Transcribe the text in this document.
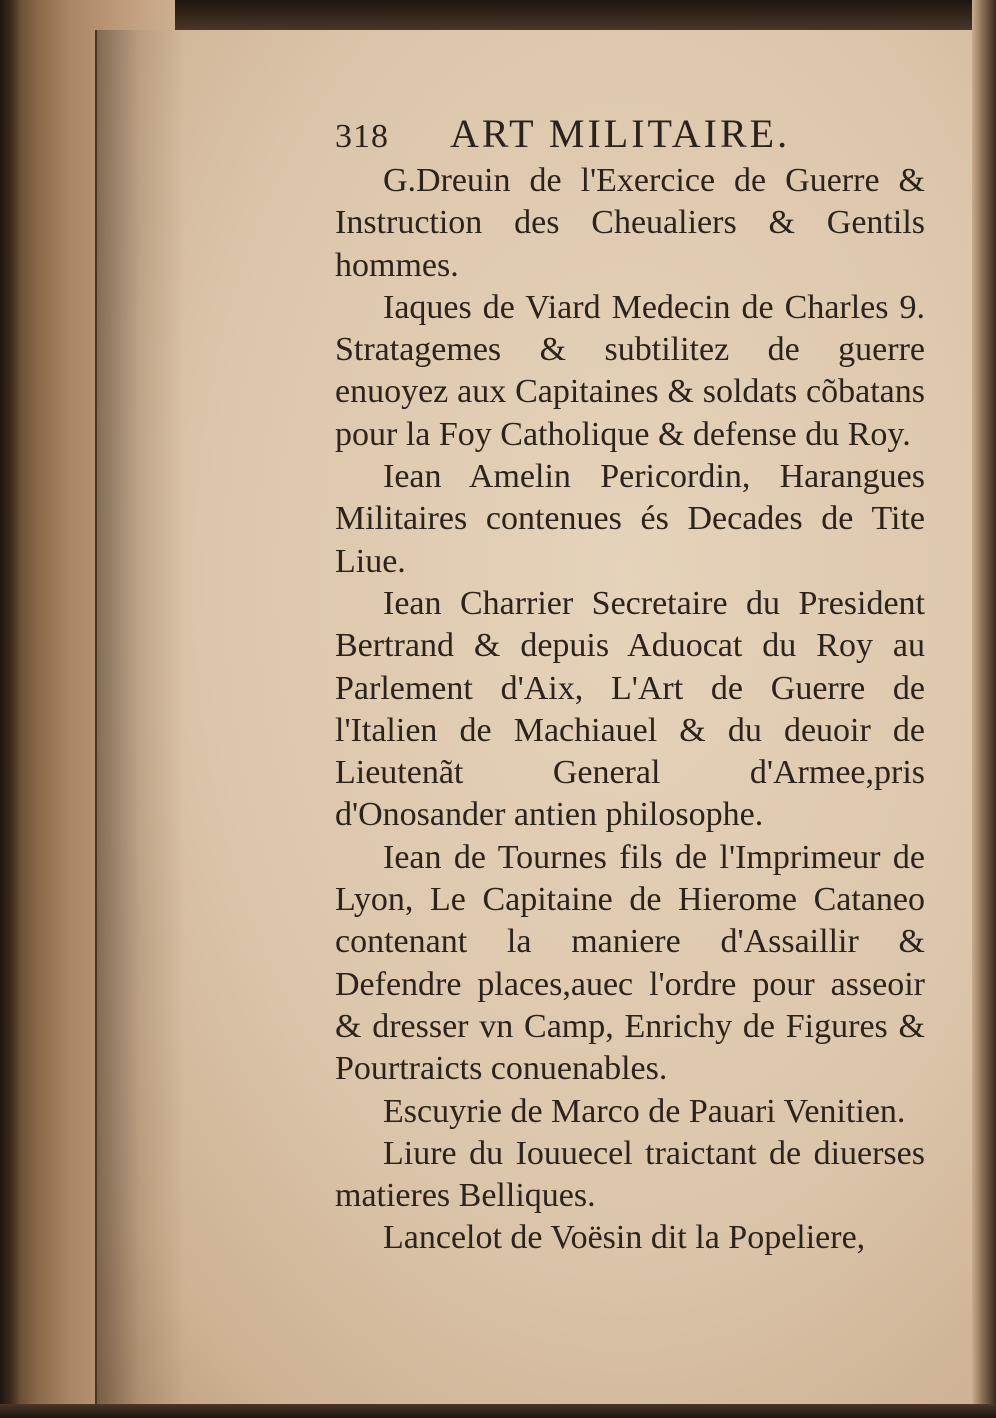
318 ART MILITAIRE.

G.Dreuin de l'Exercice de Guerre & Instruction des Cheualiers & Gentils hommes.

Iaques de Viard Medecin de Charles 9. Stratagemes & subtilitez de guerre enuoyez aux Capitaines & soldats cõbatans pour la Foy Catholique & defense du Roy.

Iean Amelin Pericordin, Harangues Militaires contenues és Decades de Tite Liue.

Iean Charrier Secretaire du President Bertrand & depuis Aduocat du Roy au Parlement d'Aix, L'Art de Guerre de l'Italien de Machiauel & du deuoir de Lieutenãt General d'Armee,pris d'Onosander antien philosophe.

Iean de Tournes fils de l'Imprimeur de Lyon, Le Capitaine de Hierome Cataneo contenant la maniere d'Assaillir & Defendre places,auec l'ordre pour asseoir & dresser vn Camp, Enrichy de Figures & Pourtraicts conuenables.

Escuyrie de Marco de Pauari Venitien.

Liure du Iouuecel traictant de diuerses matieres Belliques.

Lancelot de Voësin dit la Popeliere,
